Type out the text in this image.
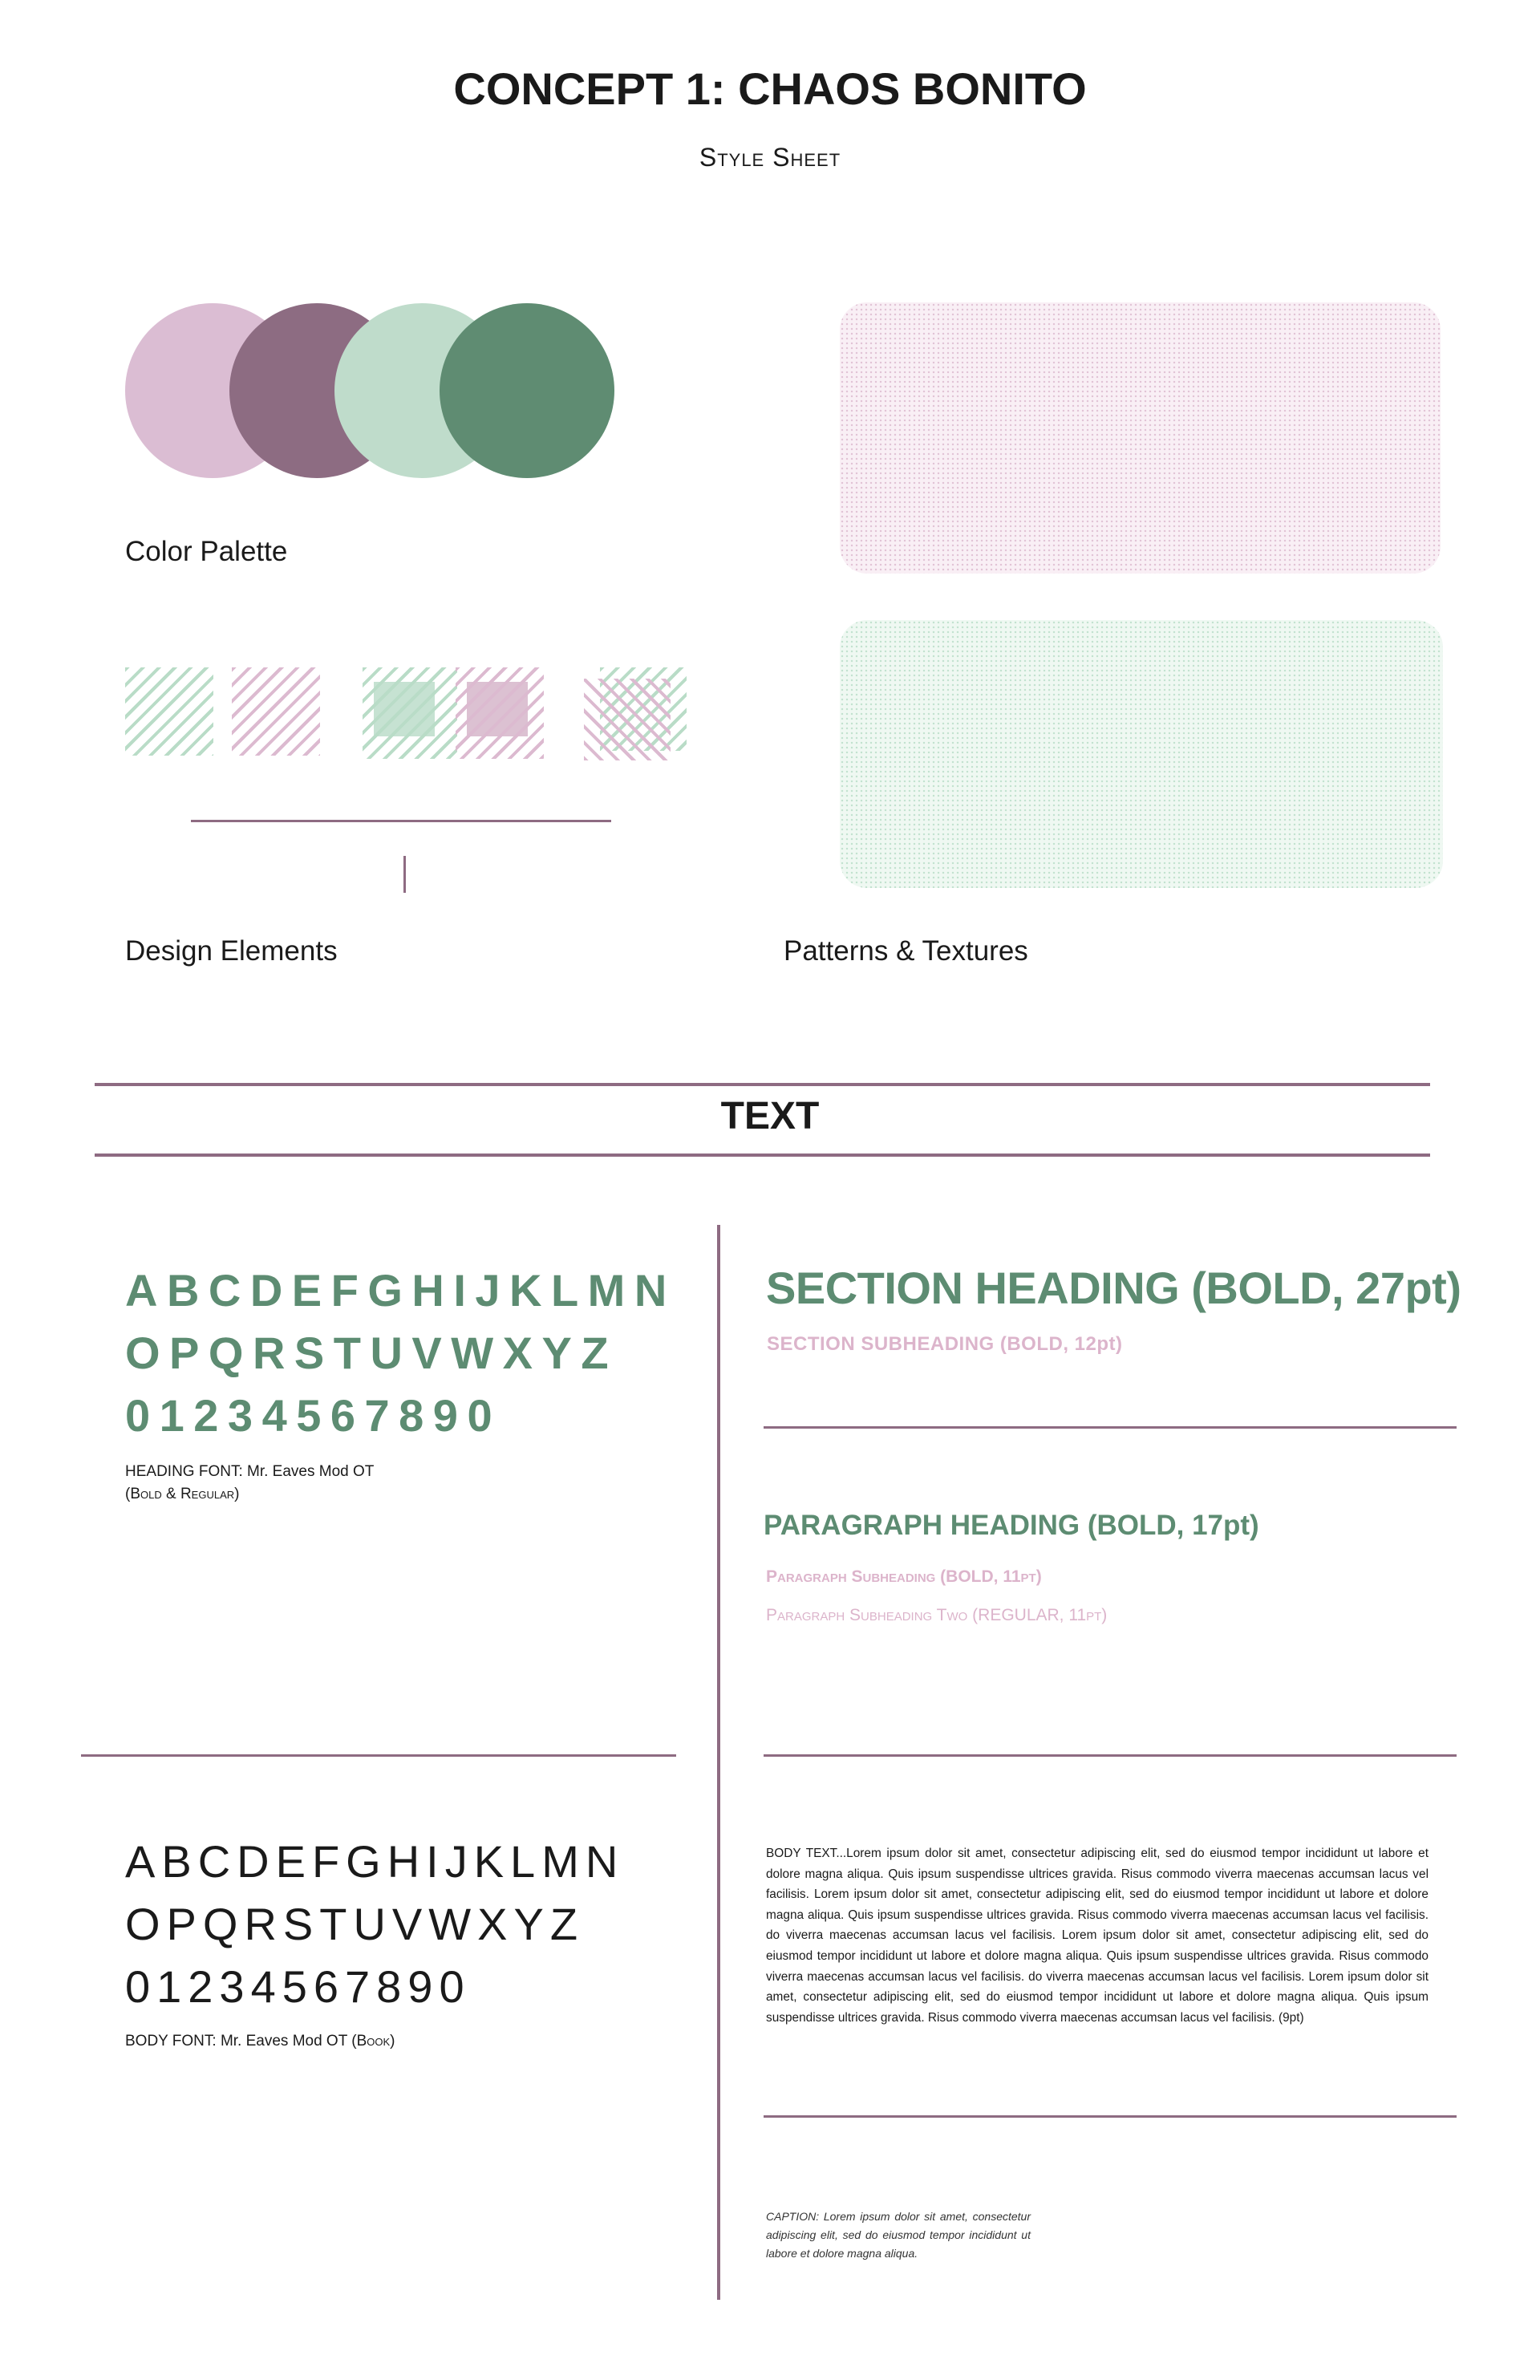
CONCEPT 1: CHAOS BONITO
Style Sheet
Color Palette
Design Elements	Patterns & Textures
TEXT
ABCDEFGHIJKLMN
OPQRSTUVWXYZ
01234567890
HEADING FONT: Mr. Eaves Mod OT
(Bold & Regular)
ABCDEFGHIJKLMN
OPQRSTUVWXYZ
01234567890
BODY FONT: Mr. Eaves Mod OT (Book)
SECTION HEADING (BOLD, 27pt)
SECTION SUBHEADING (BOLD, 12pt)
PARAGRAPH HEADING (BOLD, 17pt)
Paragraph Subheading (BOLD, 11pt)
Paragraph Subheading Two (REGULAR, 11pt)
BODY TEXT...Lorem ipsum dolor sit amet, consectetur adipiscing elit, sed do eiusmod tempor incididunt ut labore et dolore magna aliqua. Quis ipsum suspendisse ultrices gravida. Risus commodo viverra maecenas accumsan lacus vel facilisis. Lorem ipsum dolor sit amet, consectetur adipiscing elit, sed do eiusmod tempor incididunt ut labore et dolore magna aliqua. Quis ipsum suspendisse ultrices gravida. Risus commodo viverra maecenas accumsan lacus vel facilisis. do viverra maecenas accumsan lacus vel facilisis. Lorem ipsum dolor sit amet, consectetur adipiscing elit, sed do eiusmod tempor incididunt ut labore et dolore magna aliqua. Quis ipsum suspendisse ultrices gravida. Risus commodo viverra maecenas accumsan lacus vel facilisis. do viverra maecenas accumsan lacus vel facilisis. Lorem ipsum dolor sit amet, consectetur adipiscing elit, sed do eiusmod tempor incididunt ut labore et dolore magna aliqua. Quis ipsum suspendisse ultrices gravida. Risus commodo viverra maecenas accumsan lacus vel facilisis. (9pt)
CAPTION: Lorem ipsum dolor sit amet, consectetur adipiscing elit, sed do eiusmod tempor incididunt ut labore et dolore magna aliqua.
